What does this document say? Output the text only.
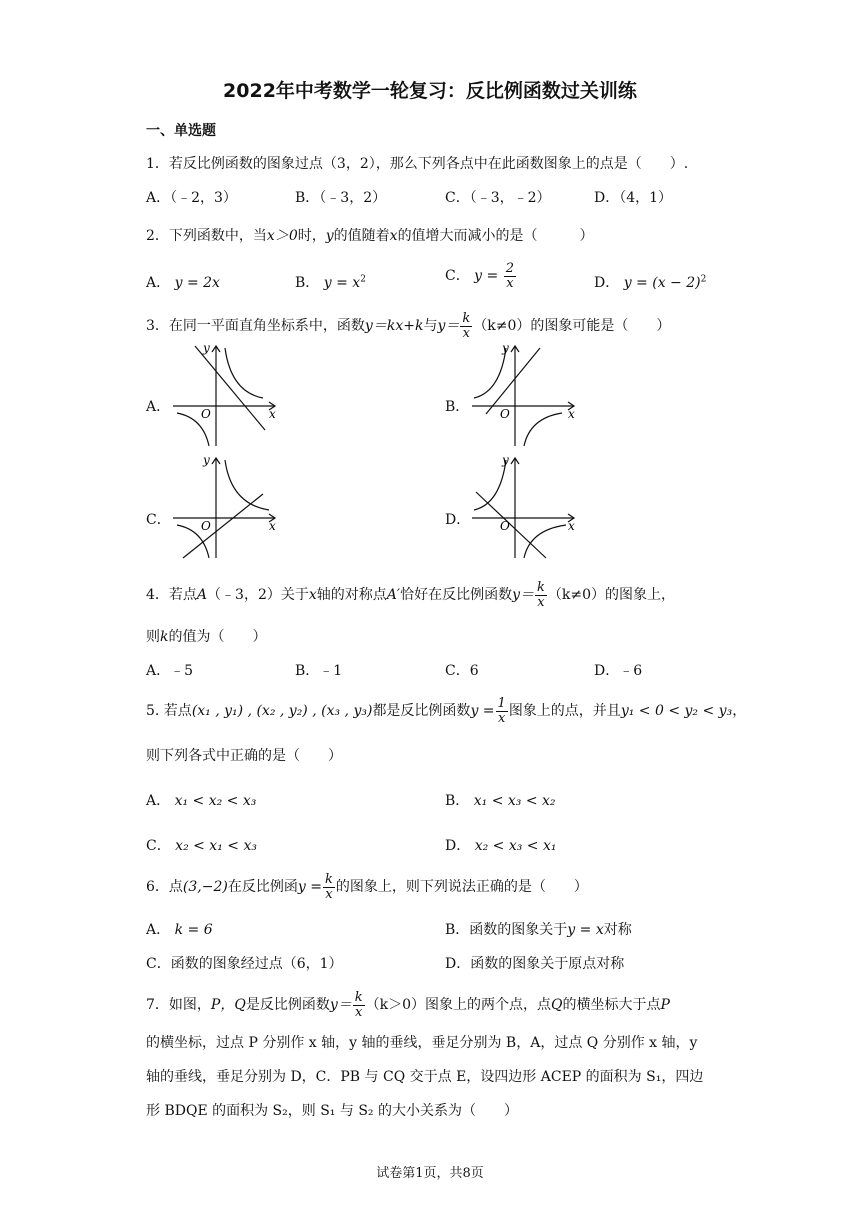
2022年中考数学一轮复习：反比例函数过关训练
一、单选题
1．若反比例函数的图象过点（3，2），那么下列各点中在此函数图象上的点是（　　）.
A．（﹣2，3）	B．（﹣3，2）	C．（﹣3，﹣2）	D．（4，1）
2．下列函数中，当x＞0时，y的值随着x的值增大而减小的是（　　　）
A． y = 2x	B． $y = x^2$	C． $y = \frac{2}{x}$	D． $y = (x - 2)^2$
3．在同一平面直角坐标系中，函数y＝kx+k与$y= \frac{k}{x} (k\ne 0)$的图象可能是（　　）
A．	B．
C．	D．
y
x
O
y
x
O
y
x
O
y
x
O
4．若点A（﹣3，2）关于x轴的对称点A′恰好在反比例函数$y= \frac{k}{x} (k\ne 0)$的图象上，
则k的值为（　　）
A．﹣5	B．﹣1	C．6	D．﹣6
5. 若点(x₁ , y₁) , (x₂ , y₂) , (x₃ , y₃)都是反比例函数$y = \frac{1}{x}$ 图象上的点，并且y₁ < 0 < y₂ < y₃，
则下列各式中正确的是（　　）
A． x₁ < x₂ < x₃	B． x₁ < x₃ < x₂
C． x₂ < x₁ < x₃	D． x₂ < x₃ < x₁
6．点(3,−2)在反比例函$y = \frac{k}{x}$ 的图象上，则下列说法正确的是（　　）
A． k = 6	B．函数的图象关于y = x对称
C．函数的图象经过点（6，1）	D．函数的图象关于原点对称
7．如图，P，Q是反比例函数$y= \frac{k}{x} (k>0)$图象上的两个点，点Q的横坐标大于点P
的横坐标，过点 P 分别作 x 轴，y 轴的垂线，垂足分别为 B，A，过点 Q 分别作 x 轴，y
轴的垂线，垂足分别为 D，C．PB 与 CQ 交于点 E，设四边形 ACEP 的面积为 S₁，四边
形 BDQE 的面积为 S₂，则 S₁ 与 S₂ 的大小关系为（　　）
试卷第1页，共8页
